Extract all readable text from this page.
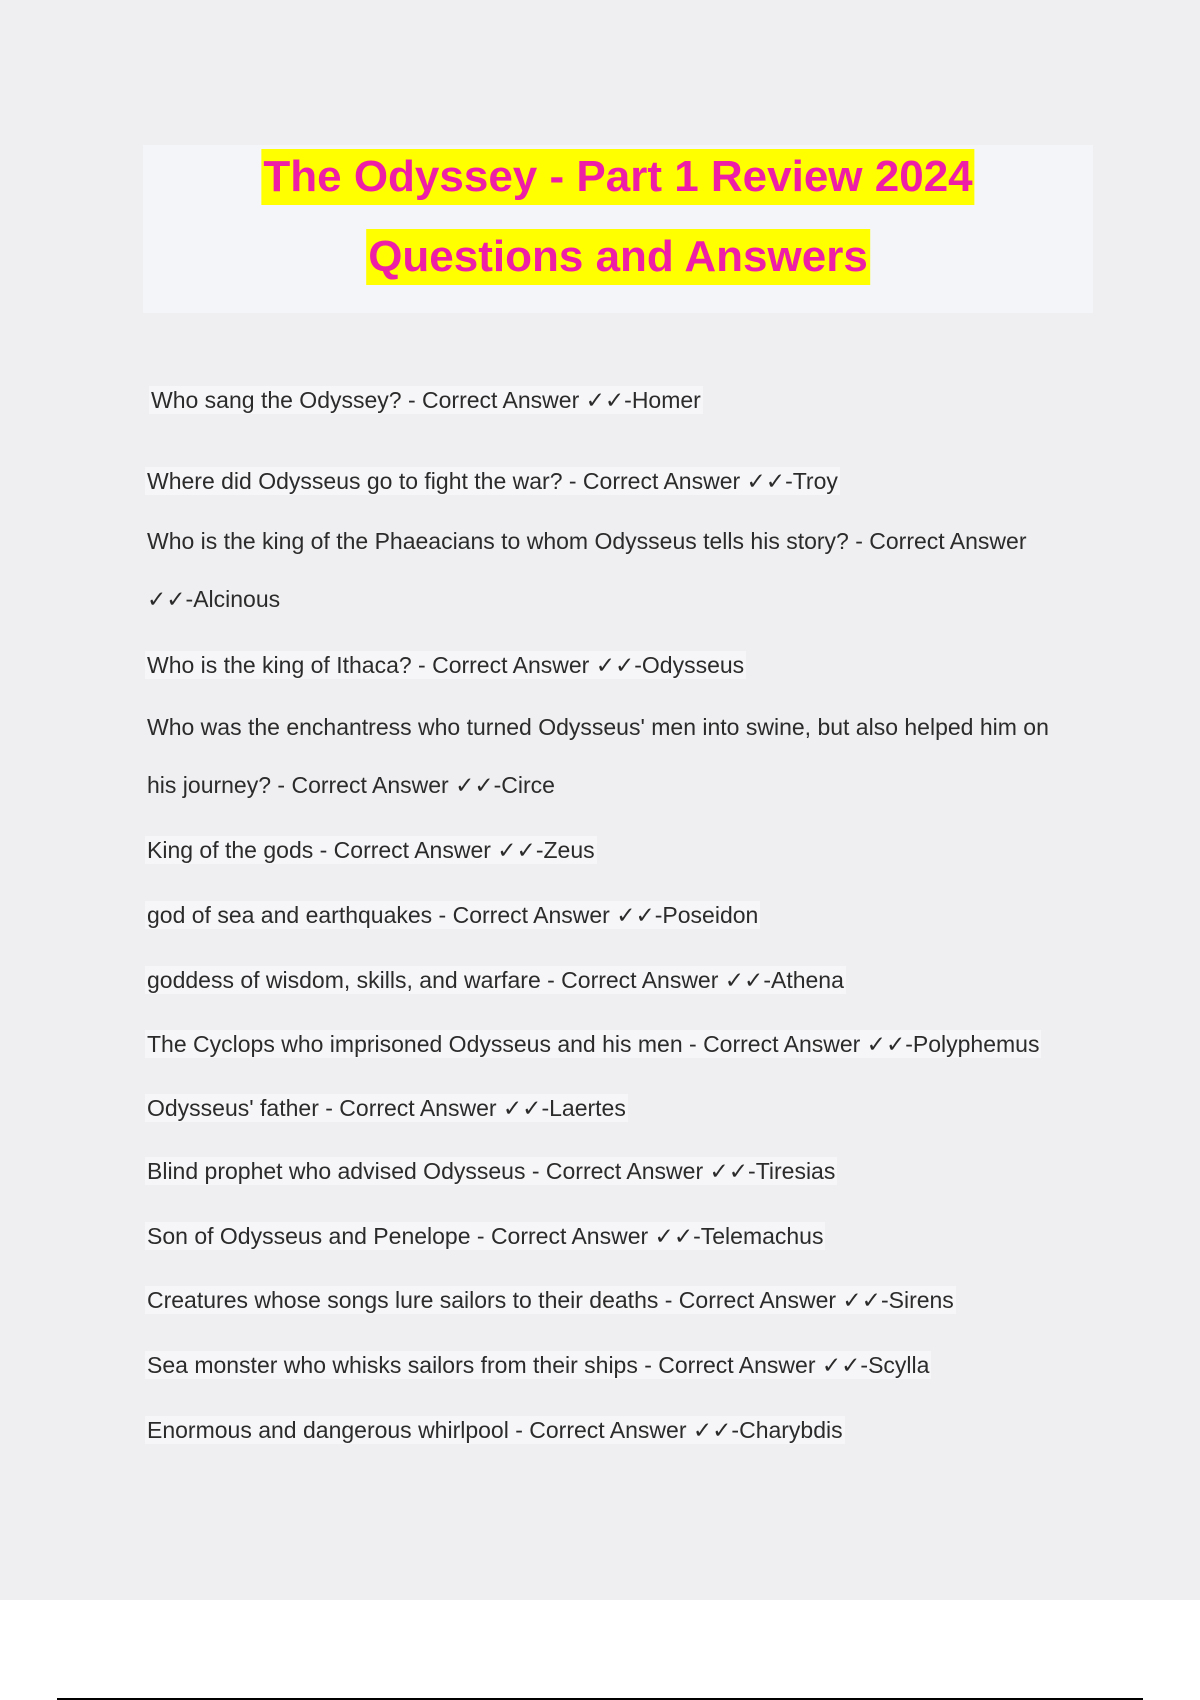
The Odyssey - Part 1 Review 2024
Questions and Answers
Who sang the Odyssey? - Correct Answer ✓✓-Homer
Where did Odysseus go to fight the war? - Correct Answer ✓✓-Troy
Who is the king of the Phaeacians to whom Odysseus tells his story? - Correct Answer ✓✓-Alcinous
Who is the king of Ithaca? - Correct Answer ✓✓-Odysseus
Who was the enchantress who turned Odysseus' men into swine, but also helped him on his journey? - Correct Answer ✓✓-Circe
King of the gods - Correct Answer ✓✓-Zeus
god of sea and earthquakes - Correct Answer ✓✓-Poseidon
goddess of wisdom, skills, and warfare - Correct Answer ✓✓-Athena
The Cyclops who imprisoned Odysseus and his men - Correct Answer ✓✓-Polyphemus
Odysseus' father - Correct Answer ✓✓-Laertes
Blind prophet who advised Odysseus - Correct Answer ✓✓-Tiresias
Son of Odysseus and Penelope - Correct Answer ✓✓-Telemachus
Creatures whose songs lure sailors to their deaths - Correct Answer ✓✓-Sirens
Sea monster who whisks sailors from their ships - Correct Answer ✓✓-Scylla
Enormous and dangerous whirlpool - Correct Answer ✓✓-Charybdis
